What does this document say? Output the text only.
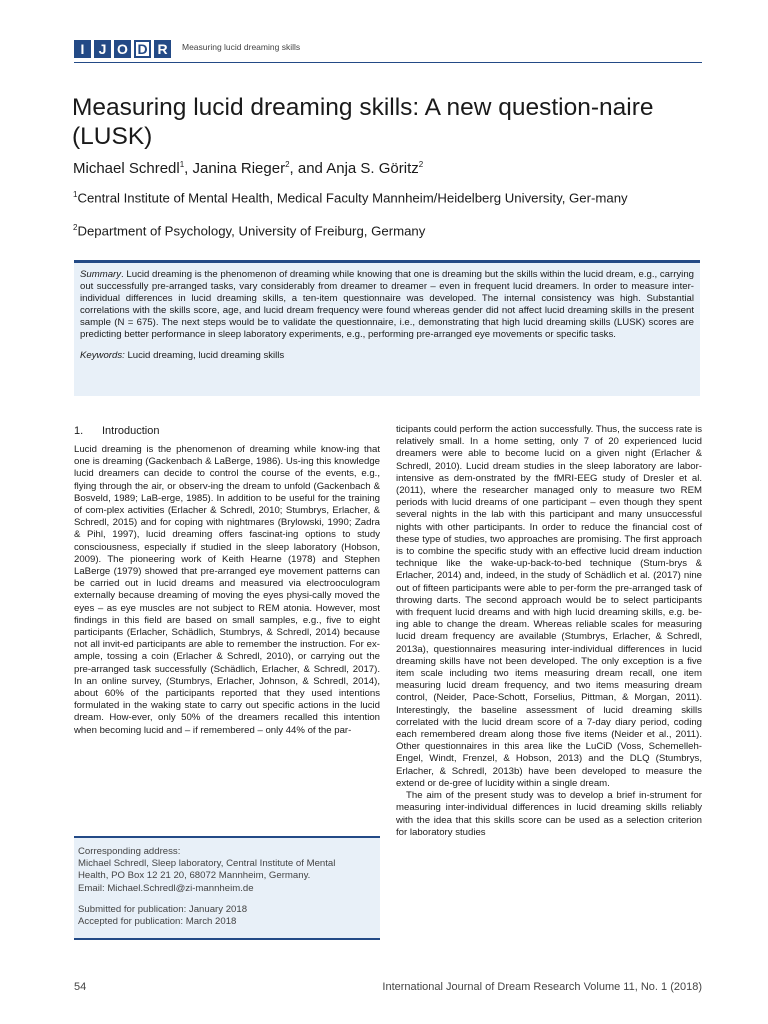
I	J O D R	Measuring lucid dreaming skills
Measuring lucid dreaming skills: A new question-naire (LUSK)
Michael Schredl$^1$, Janina Rieger$^2$, and Anja S. Göritz$^2$
$^1$Central Institute of Mental Health, Medical Faculty Mannheim/Heidelberg University, Ger-many
$^2$Department of Psychology, University of Freiburg, Germany

Summary. Lucid dreaming is the phenomenon of dreaming while knowing that one is dreaming but the skills within the lucid dream, e.g., carrying out successfully pre-arranged tasks, vary considerably from dreamer to dreamer – even in frequent lucid dreamers. In order to measure inter-individual differences in lucid dreaming skills, a ten-item questionnaire was developed. The internal consistency was high. Substantial correlations with the skills score, age, and lucid dream frequency were found whereas gender did not affect lucid dreaming skills in the present sample (N = 675). The next steps would be to validate the questionnaire, i.e., demonstrating that high lucid dreaming skills (LUSK) scores are predicting better performance in sleep laboratory experiments, e.g., performing pre-arranged eye movements or specific tasks.

Keywords: Lucid dreaming, lucid dreaming skills

1. Introduction

Lucid dreaming is the phenomenon of dreaming while know-ing that one is dreaming (Gackenbach & LaBerge, 1986). Us-ing this knowledge lucid dreamers can decide to control the course of the events, e.g., flying through the air, or observ-ing the dream to unfold (Gackenbach & Bosveld, 1989; LaB-erge, 1985). In addition to be useful for the training of com-plex activities (Erlacher & Schredl, 2010; Stumbrys, Erlacher, & Schredl, 2015) and for coping with nightmares (Brylowski, 1990; Zadra & Pihl, 1997), lucid dreaming offers fascinat-ing options to study consciousness, especially if studied in the sleep laboratory (Hobson, 2009). The pioneering work of Keith Hearne (1978) and Stephen LaBerge (1979) showed that pre-arranged eye movement patterns can be carried out in lucid dreams and measured via electrooculogram externally because dreaming of moving the eyes physi-cally moved the eyes – as eye muscles are not subject to REM atonia. However, most findings in this field are based on small samples, e.g., five to eight participants (Erlacher, Schädlich, Stumbrys, & Schredl, 2014) because not all invit-ed participants are able to remember the instruction. For ex-ample, tossing a coin (Erlacher & Schredl, 2010), or carrying out the pre-arranged task successfully (Schädlich, Erlacher, & Schredl, 2017). In an online survey, (Stumbrys, Erlacher, Johnson, & Schredl, 2014), about 60% of the participants reported that they used intentions formulated in the waking state to carry out specific actions in the lucid dream. How-ever, only 50% of the dreamers recalled this intention when becoming lucid and – if remembered – only 44% of the par-

ticipants could perform the action successfully. Thus, the success rate is relatively small. In a home setting, only 7 of 20 experienced lucid dreamers were able to become lucid on a given night (Erlacher & Schredl, 2010). Lucid dream studies in the sleep laboratory are labor-intensive as dem-onstrated by the fMRI-EEG study of Dresler et al. (2011), where the researcher managed only to measure two REM periods with lucid dreams of one participant – even though they spent several nights in the lab with this participant and many unsuccessful nights with other participants. In order to reduce the financial cost of these type of studies, two approaches are promising. The first approach is to combine the specific study with an effective lucid dream induction technique like the wake-up-back-to-bed technique (Stum-brys & Erlacher, 2014) and, indeed, in the study of Schädlich et al. (2017) nine out of fifteen participants were able to per-form the pre-arranged task of throwing darts. The second approach would be to select participants with frequent lucid dreams and with high lucid dreaming skills, e.g. be-ing able to change the dream. Whereas reliable scales for measuring lucid dream frequency are available (Stumbrys, Erlacher, & Schredl, 2013a), questionnaires measuring inter-individual differences in lucid dreaming skills have not been developed. The only exception is a five item scale including two items measuring dream recall, one item measuring lucid dream frequency, and two items measuring dream control, (Neider, Pace-Schott, Forselius, Pittman, & Morgan, 2011). Interestingly, the baseline assessment of lucid dreaming skills correlated with the lucid dream score of a 7-day diary period, coding each remembered dream along those five items (Neider et al., 2011). Other questionnaires in this area like the LuCiD (Voss, Schemelleh-Engel, Windt, Frenzel, & Hobson, 2013) and the DLQ (Stumbrys, Erlacher, & Schredl, 2013b) have been developed to measure the extend or de-gree of lucidity within a single dream.

The aim of the present study was to develop a brief in-strument for measuring inter-individual differences in lucid dreaming skills reliably with the idea that this skills score can be used as a selection criterion for laboratory studies

Corresponding address:
Michael Schredl, Sleep laboratory, Central Institute of Mental
Health, PO Box 12 21 20, 68072 Mannheim, Germany.
Email: Michael.Schredl@zi-mannheim.de
Submitted for publication: January 2018
Accepted for publication: March 2018
54	International Journal of Dream Research Volume 11, No. 1 (2018)
